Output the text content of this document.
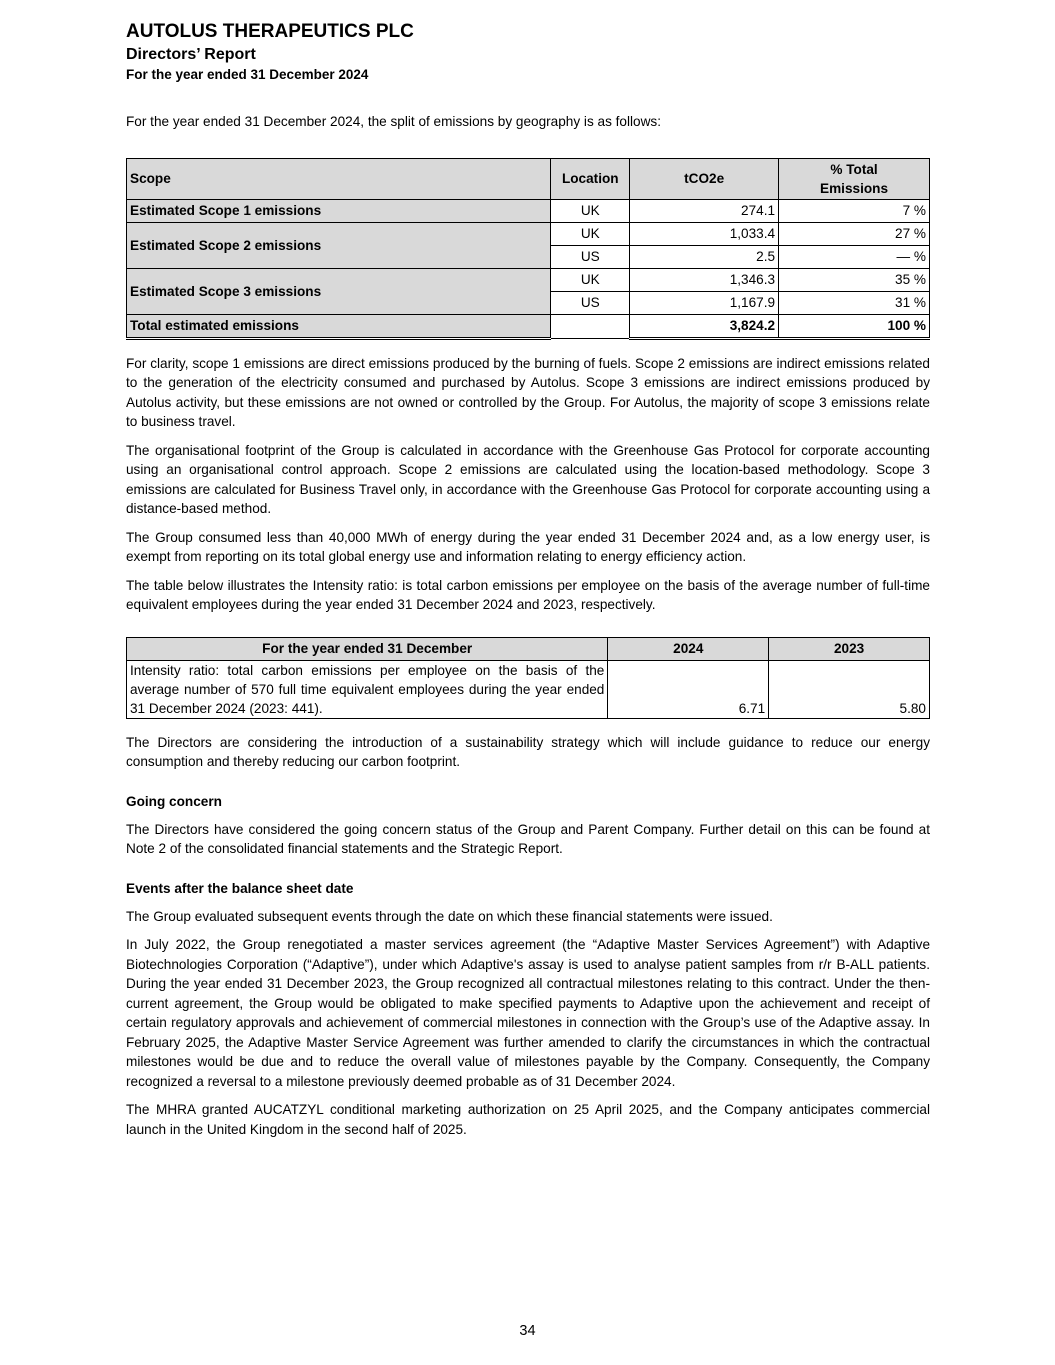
AUTOLUS THERAPEUTICS PLC
Directors’ Report
For the year ended 31 December 2024

For the year ended 31 December 2024, the split of emissions by geography is as follows:

Scope	Location	tCO2e	% Total Emissions
Estimated Scope 1 emissions	UK	274.1	7 %
Estimated Scope 2 emissions	UK	1,033.4	27 %
	US	2.5	— %
Estimated Scope 3 emissions	UK	1,346.3	35 %
	US	1,167.9	31 %
Total estimated emissions		3,824.2	100 %

For clarity, scope 1 emissions are direct emissions produced by the burning of fuels. Scope 2 emissions are indirect emissions related to the generation of the electricity consumed and purchased by Autolus. Scope 3 emissions are indirect emissions produced by Autolus activity, but these emissions are not owned or controlled by the Group. For Autolus, the majority of scope 3 emissions relate to business travel.

The organisational footprint of the Group is calculated in accordance with the Greenhouse Gas Protocol for corporate accounting using an organisational control approach. Scope 2 emissions are calculated using the location-based methodology. Scope 3 emissions are calculated for Business Travel only, in accordance with the Greenhouse Gas Protocol for corporate accounting using a distance-based method.

The Group consumed less than 40,000 MWh of energy during the year ended 31 December 2024 and, as a low energy user, is exempt from reporting on its total global energy use and information relating to energy efficiency action.

The table below illustrates the Intensity ratio: is total carbon emissions per employee on the basis of the average number of full-time equivalent employees during the year ended 31 December 2024 and 2023, respectively.

For the year ended 31 December	2024	2023
Intensity ratio: total carbon emissions per employee on the basis of the average number of 570 full time equivalent employees during the year ended 31 December 2024 (2023: 441).	6.71	5.80

The Directors are considering the introduction of a sustainability strategy which will include guidance to reduce our energy consumption and thereby reducing our carbon footprint.

Going concern

The Directors have considered the going concern status of the Group and Parent Company. Further detail on this can be found at Note 2 of the consolidated financial statements and the Strategic Report.

Events after the balance sheet date

The Group evaluated subsequent events through the date on which these financial statements were issued.

In July 2022, the Group renegotiated a master services agreement (the “Adaptive Master Services Agreement”) with Adaptive Biotechnologies Corporation (“Adaptive”), under which Adaptive's assay is used to analyse patient samples from r/r B-ALL patients. During the year ended 31 December 2023, the Group recognized all contractual milestones relating to this contract. Under the then-current agreement, the Group would be obligated to make specified payments to Adaptive upon the achievement and receipt of certain regulatory approvals and achievement of commercial milestones in connection with the Group’s use of the Adaptive assay. In February 2025, the Adaptive Master Service Agreement was further amended to clarify the circumstances in which the contractual milestones would be due and to reduce the overall value of milestones payable by the Company. Consequently, the Company recognized a reversal to a milestone previously deemed probable as of 31 December 2024.

The MHRA granted AUCATZYL conditional marketing authorization on 25 April 2025, and the Company anticipates commercial launch in the United Kingdom in the second half of 2025.

34
